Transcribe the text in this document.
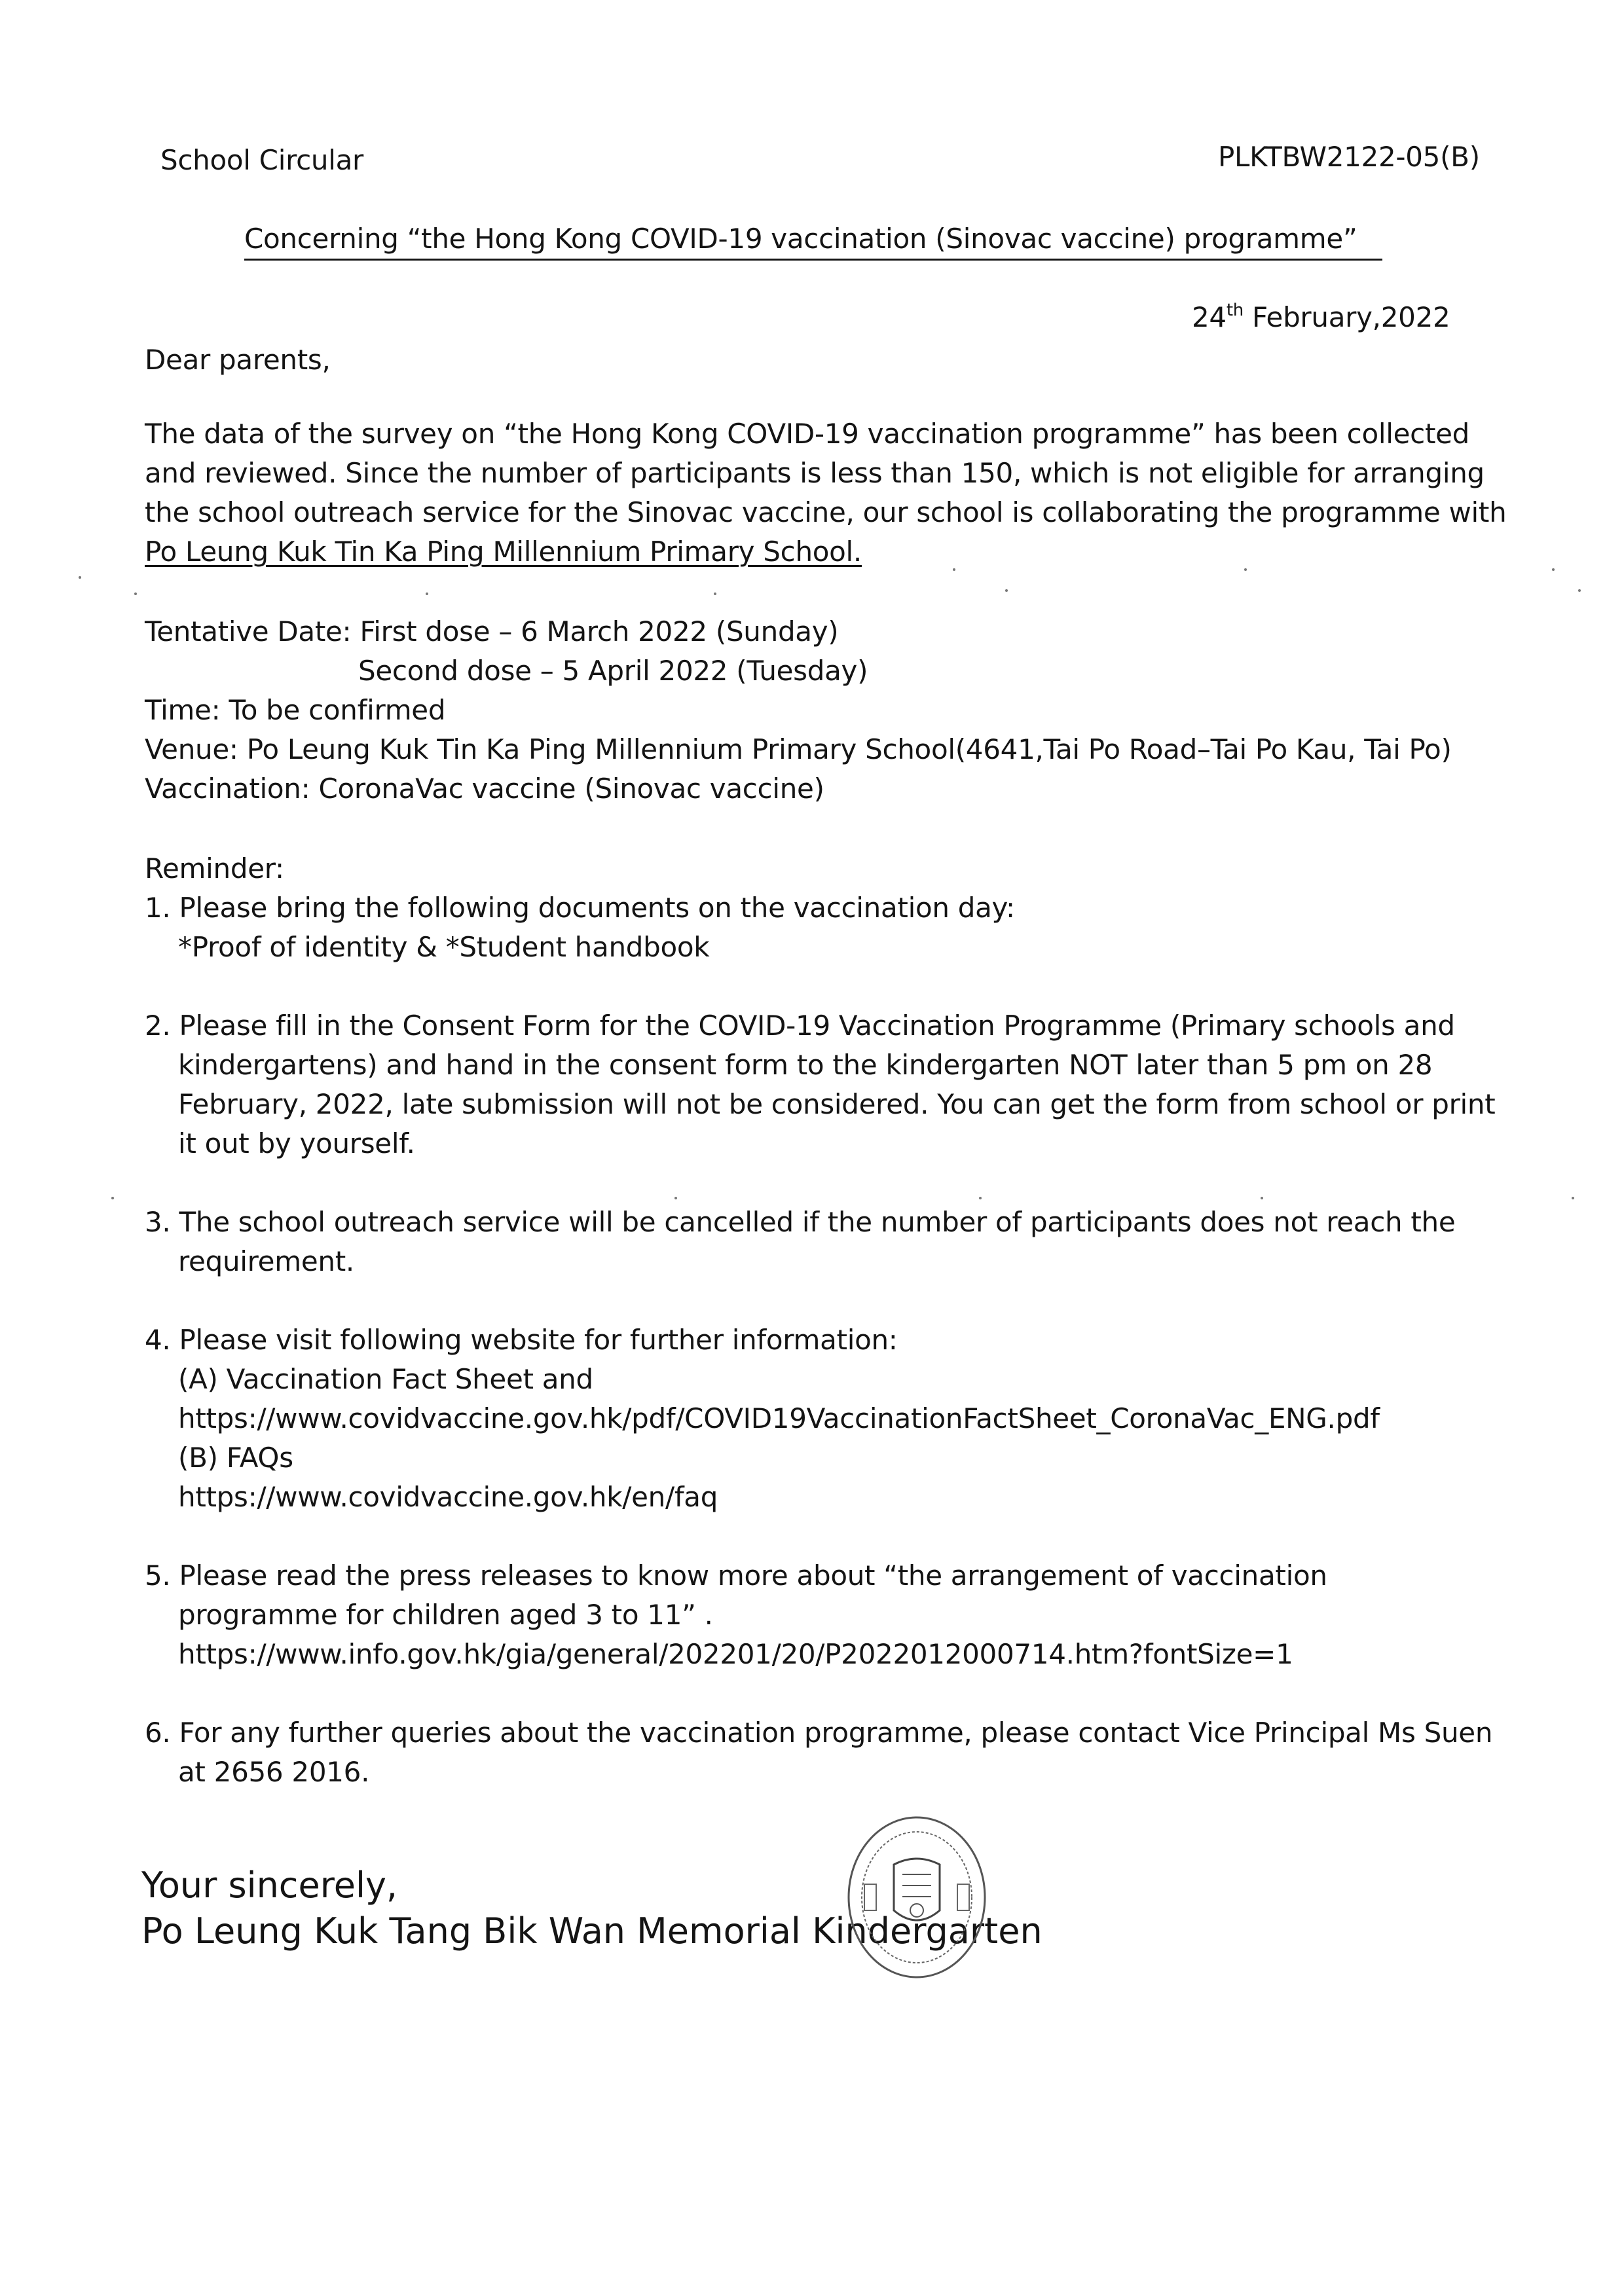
School Circular	PLKTBW2122-05(B)
Concerning “the Hong Kong COVID-19 vaccination (Sinovac vaccine) programme”
24th February,2022
Dear parents,
The data of the survey on “the Hong Kong COVID-19 vaccination programme” has been collected
and reviewed. Since the number of participants is less than 150, which is not eligible for arranging
the school outreach service for the Sinovac vaccine, our school is collaborating the programme with
Po Leung Kuk Tin Ka Ping Millennium Primary School.
Tentative Date: First dose – 6 March 2022 (Sunday)
Second dose – 5 April 2022 (Tuesday)
Time: To be confirmed
Venue: Po Leung Kuk Tin Ka Ping Millennium Primary School(4641,Tai Po Road–Tai Po Kau, Tai Po)
Vaccination: CoronaVac vaccine (Sinovac vaccine)
Reminder:
1. Please bring the following documents on the vaccination day:
*Proof of identity & *Student handbook
2. Please fill in the Consent Form for the COVID-19 Vaccination Programme (Primary schools and
kindergartens) and hand in the consent form to the kindergarten NOT later than 5 pm on 28
February, 2022, late submission will not be considered. You can get the form from school or print
it out by yourself.
3. The school outreach service will be cancelled if the number of participants does not reach the
requirement.
4. Please visit following website for further information:
(A) Vaccination Fact Sheet and
https://www.covidvaccine.gov.hk/pdf/COVID19VaccinationFactSheet_CoronaVac_ENG.pdf
(B) FAQs
https://www.covidvaccine.gov.hk/en/faq
5. Please read the press releases to know more about “the arrangement of vaccination
programme for children aged 3 to 11” .
https://www.info.gov.hk/gia/general/202201/20/P2022012000714.htm?fontSize=1
6. For any further queries about the vaccination programme, please contact Vice Principal Ms Suen
at 2656 2016.
Your sincerely,
Po Leung Kuk Tang Bik Wan Memorial Kindergarten
